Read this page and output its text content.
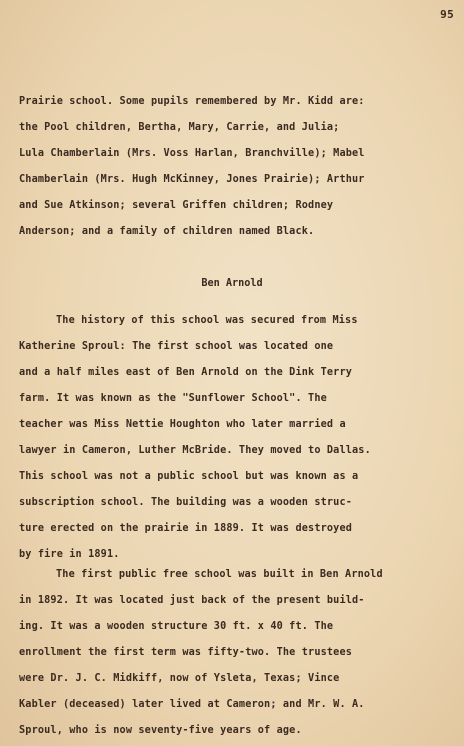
95
Prairie school. Some pupils remembered by Mr. Kidd are:
the Pool children, Bertha, Mary, Carrie, and Julia;
Lula Chamberlain (Mrs. Voss Harlan, Branchville); Mabel
Chamberlain (Mrs. Hugh McKinney, Jones Prairie); Arthur
and Sue Atkinson; several Griffen children; Rodney
Anderson; and a family of children named Black.
Ben Arnold
The history of this school was secured from Miss
Katherine Sproul: The first school was located one
and a half miles east of Ben Arnold on the Dink Terry
farm. It was known as the "Sunflower School". The
teacher was Miss Nettie Houghton who later married a
lawyer in Cameron, Luther McBride. They moved to Dallas.
This school was not a public school but was known as a
subscription school. The building was a wooden struc-
ture erected on the prairie in 1889. It was destroyed
by fire in 1891.
The first public free school was built in Ben Arnold
in 1892. It was located just back of the present build-
ing. It was a wooden structure 30 ft. x 40 ft. The
enrollment the first term was fifty-two. The trustees
were Dr. J. C. Midkiff, now of Ysleta, Texas; Vince
Kabler (deceased) later lived at Cameron; and Mr. W. A.
Sproul, who is now seventy-five years of age.
